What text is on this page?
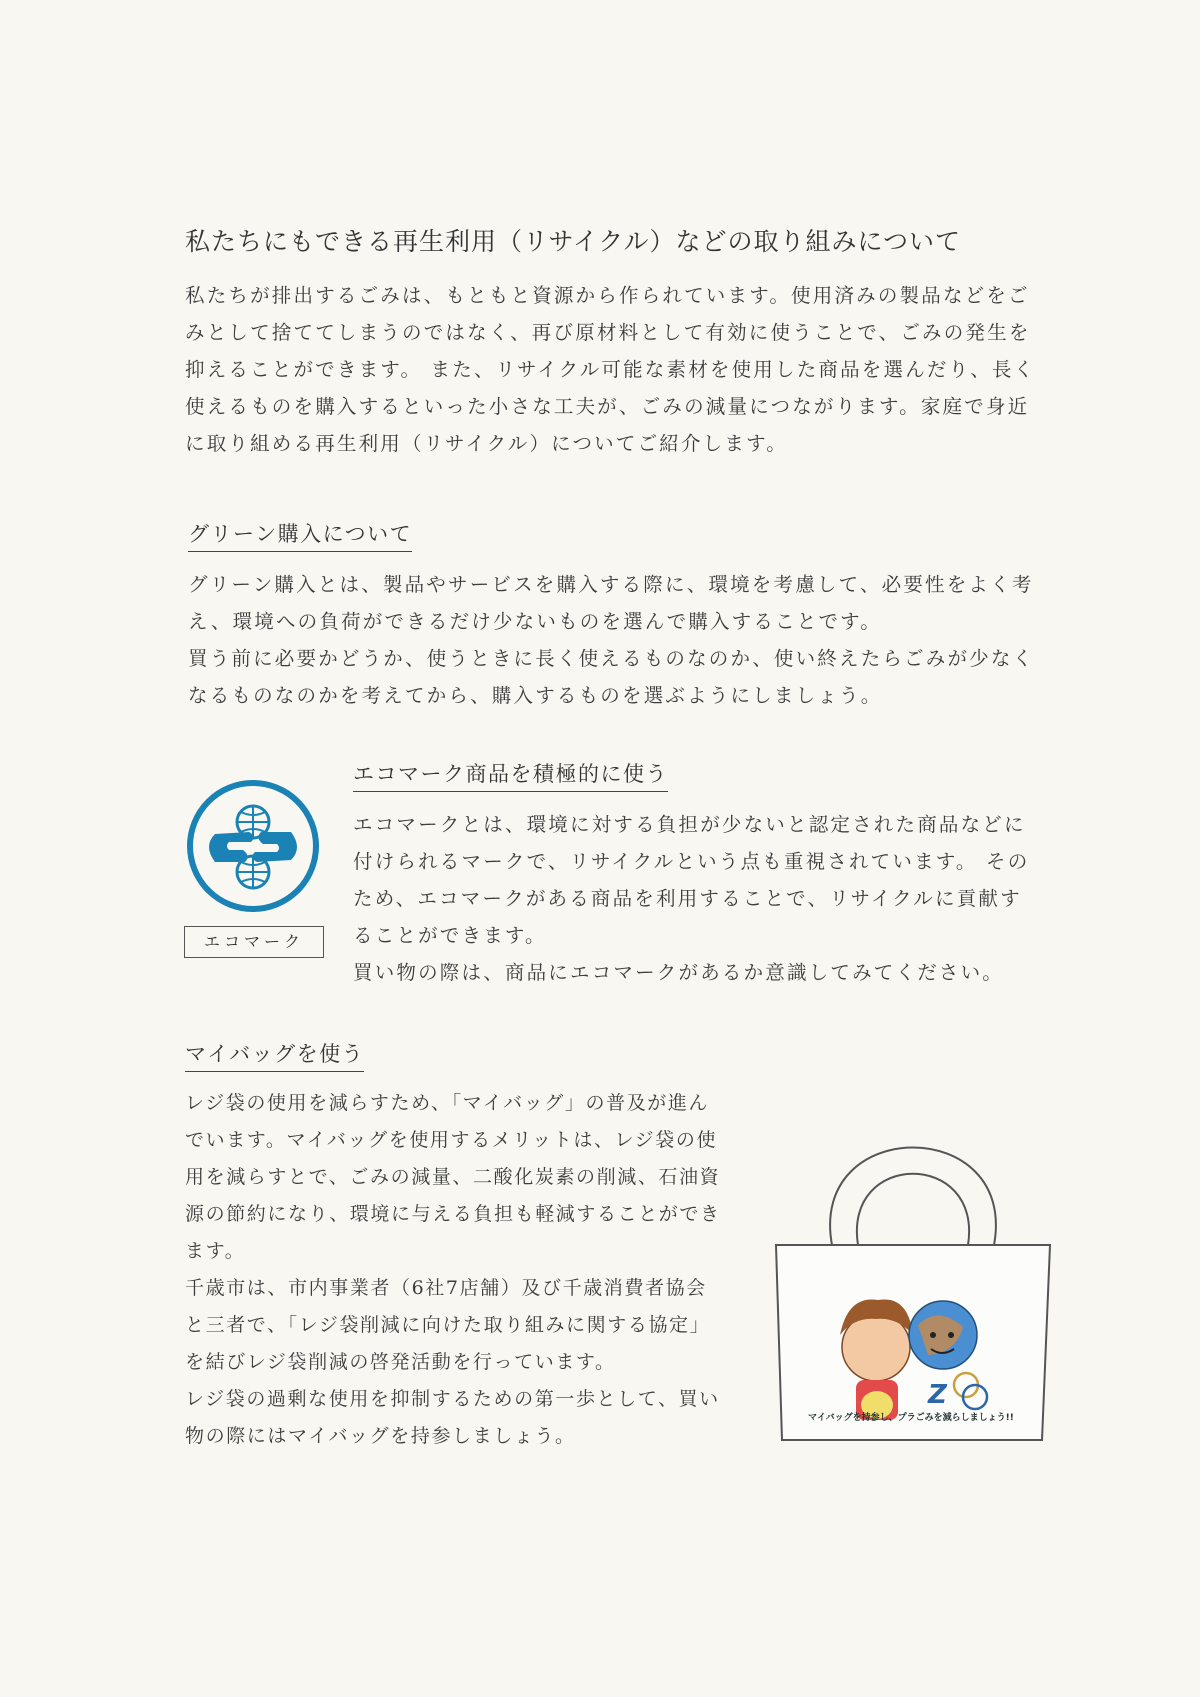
私たちにもできる再生利用（リサイクル）などの取り組みについて
私たちが排出するごみは、もともと資源から作られています。使用済みの製品などをご
みとして捨ててしまうのではなく、再び原材料として有効に使うことで、ごみの発生を
抑えることができます。 また、リサイクル可能な素材を使用した商品を選んだり、長く
使えるものを購入するといった小さな工夫が、ごみの減量につながります。家庭で身近
に取り組める再生利用（リサイクル）についてご紹介します。
グリーン購入について
グリーン購入とは、製品やサービスを購入する際に、環境を考慮して、必要性をよく考
え、環境への負荷ができるだけ少ないものを選んで購入することです。
買う前に必要かどうか、使うときに長く使えるものなのか、使い終えたらごみが少なく
なるものなのかを考えてから、購入するものを選ぶようにしましょう。
エコマーク商品を積極的に使う
エコマーク
エコマークとは、環境に対する負担が少ないと認定された商品などに
付けられるマークで、リサイクルという点も重視されています。 その
ため、エコマークがある商品を利用することで、リサイクルに貢献す
ることができます。
買い物の際は、商品にエコマークがあるか意識してみてください。
マイバッグを使う
レジ袋の使用を減らすため、「マイバッグ」の普及が進ん
でいます。マイバッグを使用するメリットは、レジ袋の使
用を減らすとで、ごみの減量、二酸化炭素の削減、石油資
源の節約になり、環境に与える負担も軽減することができ
ます。
千歳市は、市内事業者（6社7店舗）及び千歳消費者協会
と三者で、「レジ袋削減に向けた取り組みに関する協定」
を結びレジ袋削減の啓発活動を行っています。
レジ袋の過剰な使用を抑制するための第一歩として、買い
物の際にはマイバッグを持参しましょう。
Z
マイバッグを持参し、プラごみを減らしましょう!!
